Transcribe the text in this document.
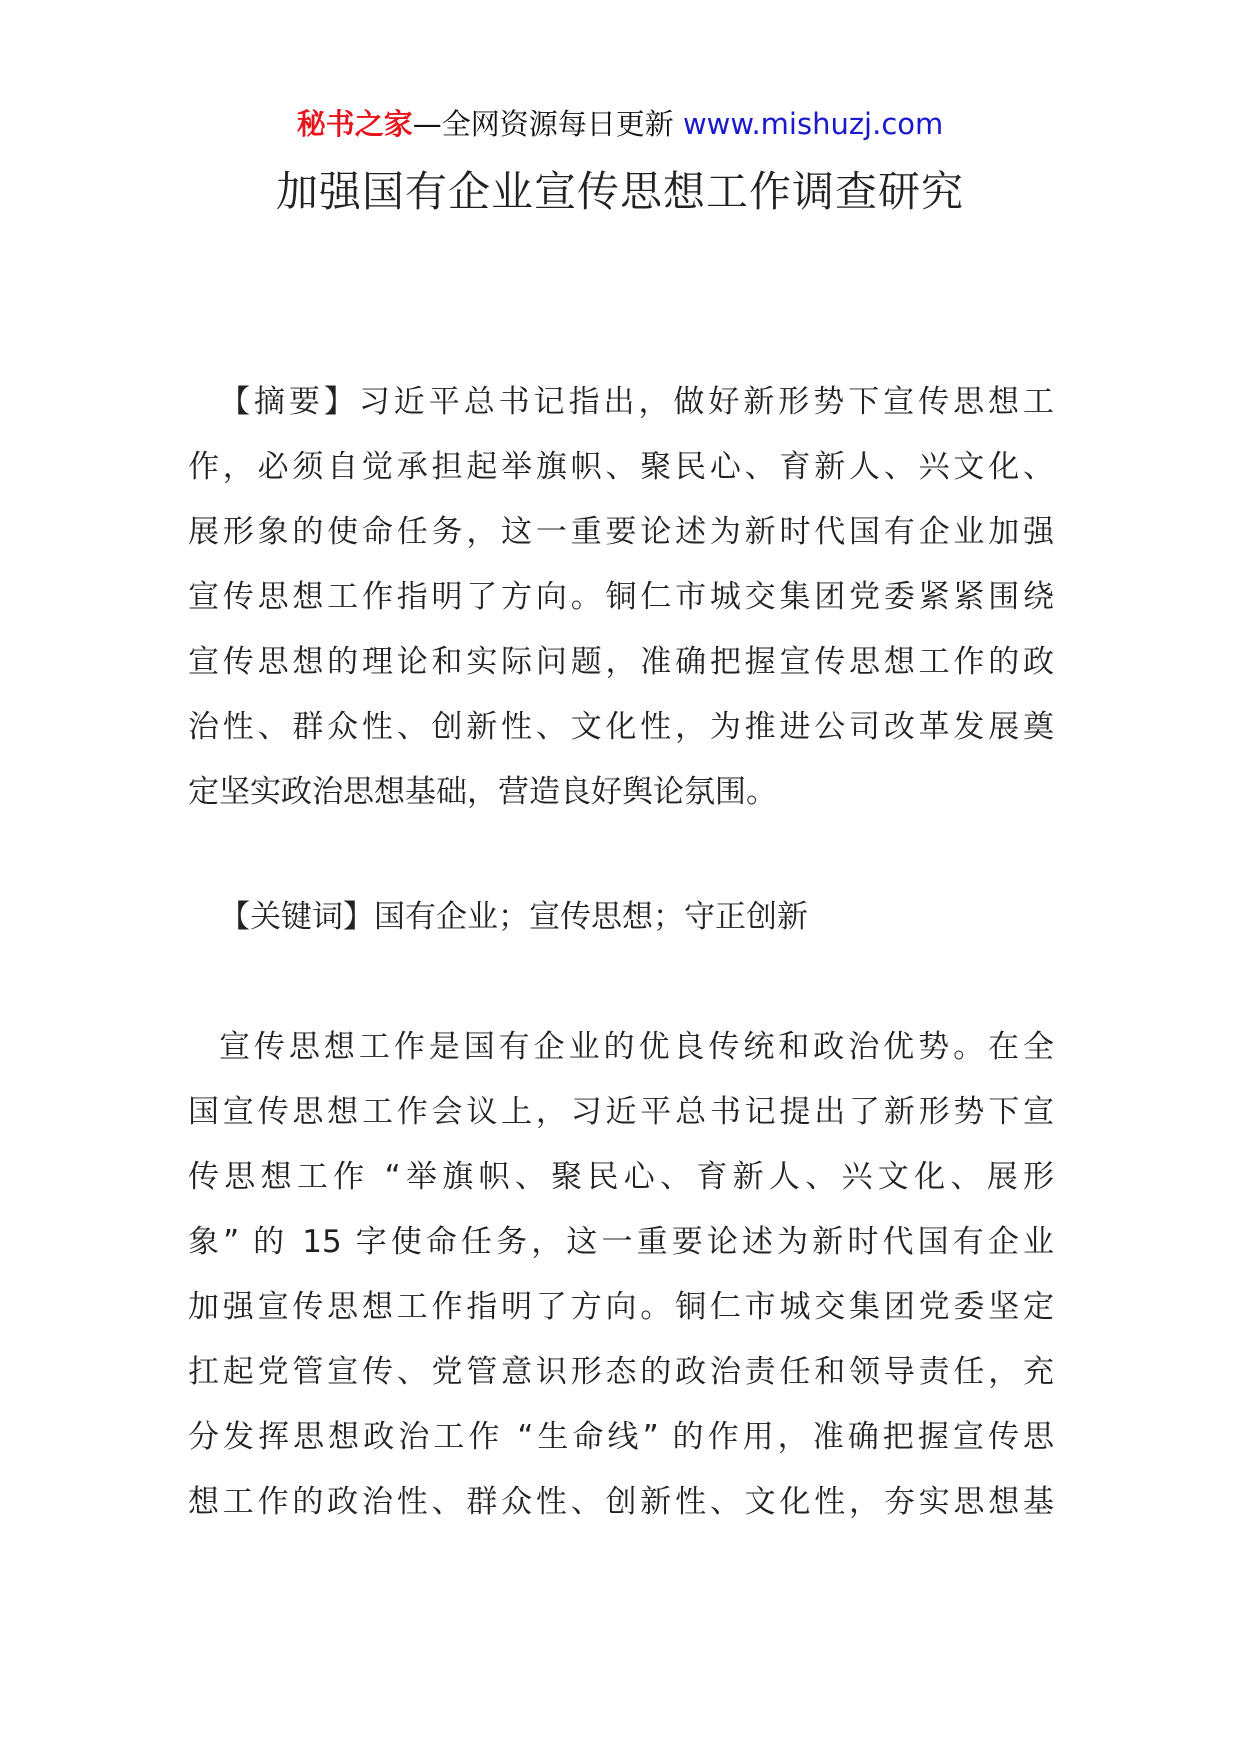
秘书之家—全网资源每日更新 www.mishuzj.com
加强国有企业宣传思想工作调查研究
【摘要】习近平总书记指出，做好新形势下宣传思想工
作，必须自觉承担起举旗帜、聚民心、育新人、兴文化、
展形象的使命任务，这一重要论述为新时代国有企业加强
宣传思想工作指明了方向。铜仁市城交集团党委紧紧围绕
宣传思想的理论和实际问题，准确把握宣传思想工作的政
治性、群众性、创新性、文化性，为推进公司改革发展奠
定坚实政治思想基础，营造良好舆论氛围。
【关键词】国有企业；宣传思想；守正创新
宣传思想工作是国有企业的优良传统和政治优势。在全
国宣传思想工作会议上，习近平总书记提出了新形势下宣
传思想工作 “举旗帜、聚民心、育新人、兴文化、展形
象” 的 15 字使命任务，这一重要论述为新时代国有企业
加强宣传思想工作指明了方向。铜仁市城交集团党委坚定
扛起党管宣传、党管意识形态的政治责任和领导责任，充
分发挥思想政治工作 “生命线” 的作用，准确把握宣传思
想工作的政治性、群众性、创新性、文化性，夯实思想基
